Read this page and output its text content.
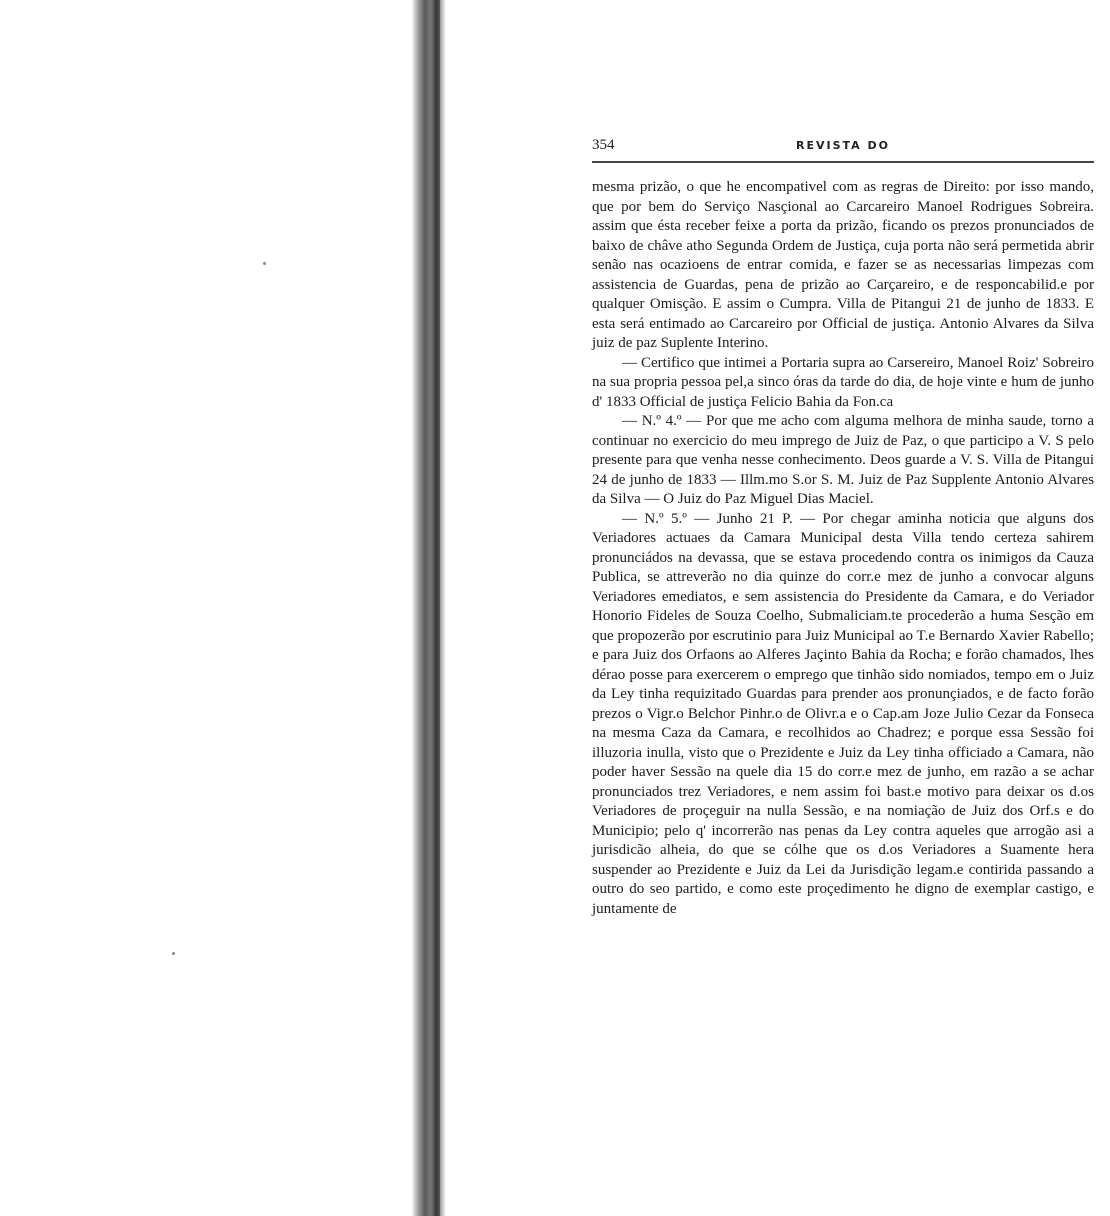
354	REVISTA DO

mesma prizão, o que he encompativel com as regras de Direito: por isso mando, que por bem do Serviço Nasçional ao Carcareiro Manoel Rodrigues Sobreira. assim que ésta receber feixe a porta da prizão, ficando os prezos pronunciados de baixo de châve atho Segunda Ordem de Justiça, cuja porta não será permetida abrir senão nas ocazioens de entrar comida, e fazer se as necessarias limpezas com assistencia de Guardas, pena de prizão ao Carçareiro, e de responcabilid.e por qualquer Omisção. E assim o Cumpra. Villa de Pitangui 21 de junho de 1833. E esta será entimado ao Carcareiro por Official de justiça. Antonio Alvares da Silva juiz de paz Suplente Interino.

— Certifico que intimei a Portaria supra ao Carsereiro, Manoel Roiz' Sobreiro na sua propria pessoa pel,a sinco óras da tarde do dia, de hoje vinte e hum de junho d' 1833 Official de justiça Felicio Bahia da Fon.ca

— N.º 4.º — Por que me acho com alguma melhora de minha saude, torno a continuar no exercicio do meu imprego de Juiz de Paz, o que participo a V. S pelo presente para que venha nesse conhecimento. Deos guarde a V. S. Villa de Pitangui 24 de junho de 1833 — Illm.mo S.or S. M. Juiz de Paz Supplente Antonio Alvares da Silva — O Juiz do Paz Miguel Dias Maciel.

— N.º 5.º — Junho 21 P. — Por chegar aminha noticia que alguns dos Veriadores actuaes da Camara Municipal desta Villa tendo certeza sahirem pronunciádos na devassa, que se estava procedendo contra os inimigos da Cauza Publica, se attreverão no dia quinze do corr.e mez de junho a convocar alguns Veriadores emediatos, e sem assistencia do Presidente da Camara, e do Veriador Honorio Fideles de Souza Coelho, Submaliciam.te procederão a huma Sesção em que propozerão por escrutinio para Juiz Municipal ao T.e Bernardo Xavier Rabello; e para Juiz dos Orfaons ao Alferes Jaçinto Bahia da Rocha; e forão chamados, lhes dérao posse para exercerem o emprego que tinhão sido nomiados, tempo em o Juiz da Ley tinha requizitado Guardas para prender aos pronunçiados, e de facto forão prezos o Vigr.o Belchor Pinhr.o de Olivr.a e o Cap.am Joze Julio Cezar da Fonseca na mesma Caza da Camara, e recolhidos ao Chadrez; e porque essa Sessão foi illuzoria inulla, visto que o Prezidente e Juiz da Ley tinha officiado a Camara, não poder haver Sessão na quele dia 15 do corr.e mez de junho, em razão a se achar pronunciados trez Veriadores, e nem assim foi bast.e motivo para deixar os d.os Veriadores de proçeguir na nulla Sessão, e na nomiação de Juiz dos Orf.s e do Municipio; pelo q' incorrerão nas penas da Ley contra aqueles que arrogão asi a jurisdicão alheia, do que se cólhe que os d.os Veriadores a Suamente hera suspender ao Prezidente e Juiz da Lei da Jurisdição legam.e contirida passando a outro do seo partido, e como este proçedimento he digno de exemplar castigo, e juntamente de
